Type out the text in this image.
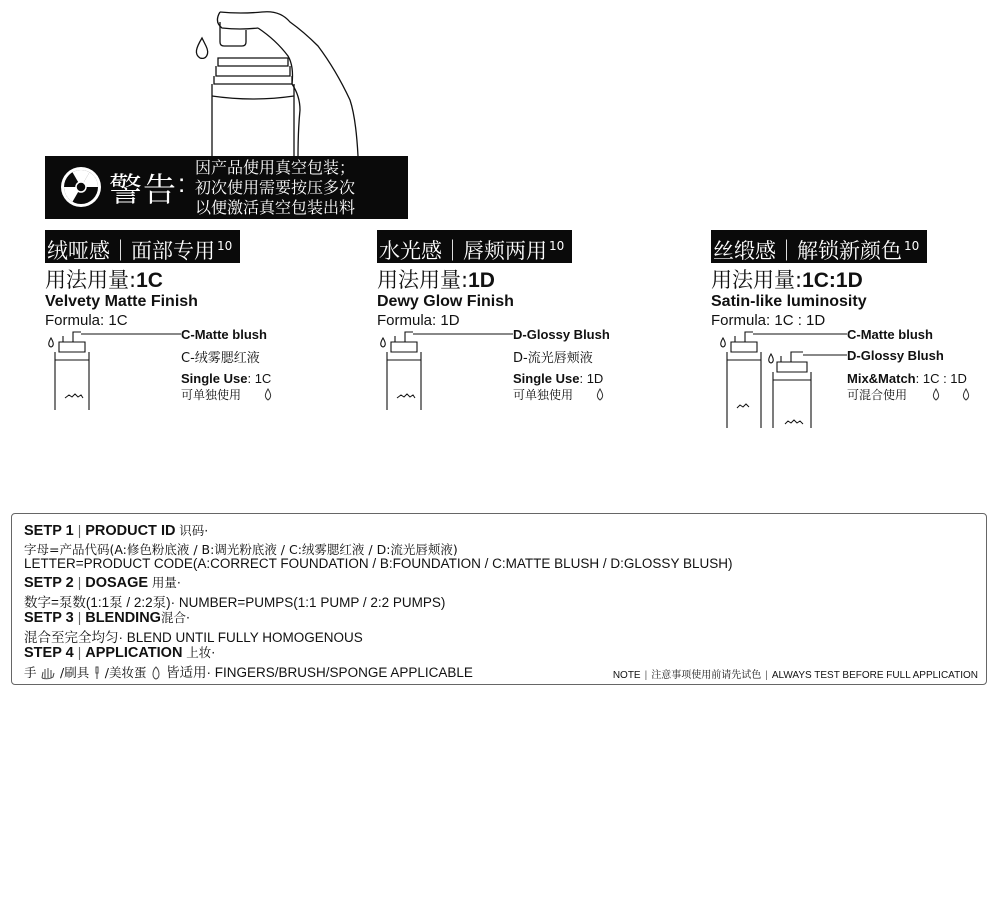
警告 :
因产品使用真空包装；
初次使用需要按压多次
以便激活真空包装出料
绒哑感｜面部专用 $^{10}$
用法用量:1C
Velvety Matte Finish
Formula: 1C
C-Matte blush
C-绒雾腮红液
Single Use: 1C
可单独使用
水光感｜唇颊两用 $^{10}$
用法用量:1D
Dewy Glow Finish
Formula: 1D
D-Glossy Blush
D-流光唇颊液
Single Use: 1D
可单独使用
丝缎感｜解锁新颜色 $^{10}$
用法用量:1C:1D
Satin-like luminosity
Formula: 1C : 1D
C-Matte blush
D-Glossy Blush
Mix&Match: 1C : 1D
可混合使用
SETP 1 | PRODUCT ID 识码·
字母=产品代码(A:修色粉底液 / B:调光粉底液 / C:绒雾腮红液 / D:流光唇颊液)
LETTER=PRODUCT CODE(A:CORRECT FOUNDATION / B:FOUNDATION / C:MATTE BLUSH / D:GLOSSY BLUSH)
SETP 2 | DOSAGE 用量·
数字=泵数(1:1泵 / 2:2泵)· NUMBER=PUMPS(1:1 PUMP / 2:2 PUMPS)
SETP 3 | BLENDING混合·
混合至完全均匀· BLEND UNTIL FULLY HOMOGENOUS
STEP 4 | APPLICATION 上妆·
手 /刷具 /美妆蛋 皆适用· FINGERS/BRUSH/SPONGE APPLICABLE	NOTE | 注意事项使用前请先试色 | ALWAYS TEST BEFORE FULL APPLICATION
